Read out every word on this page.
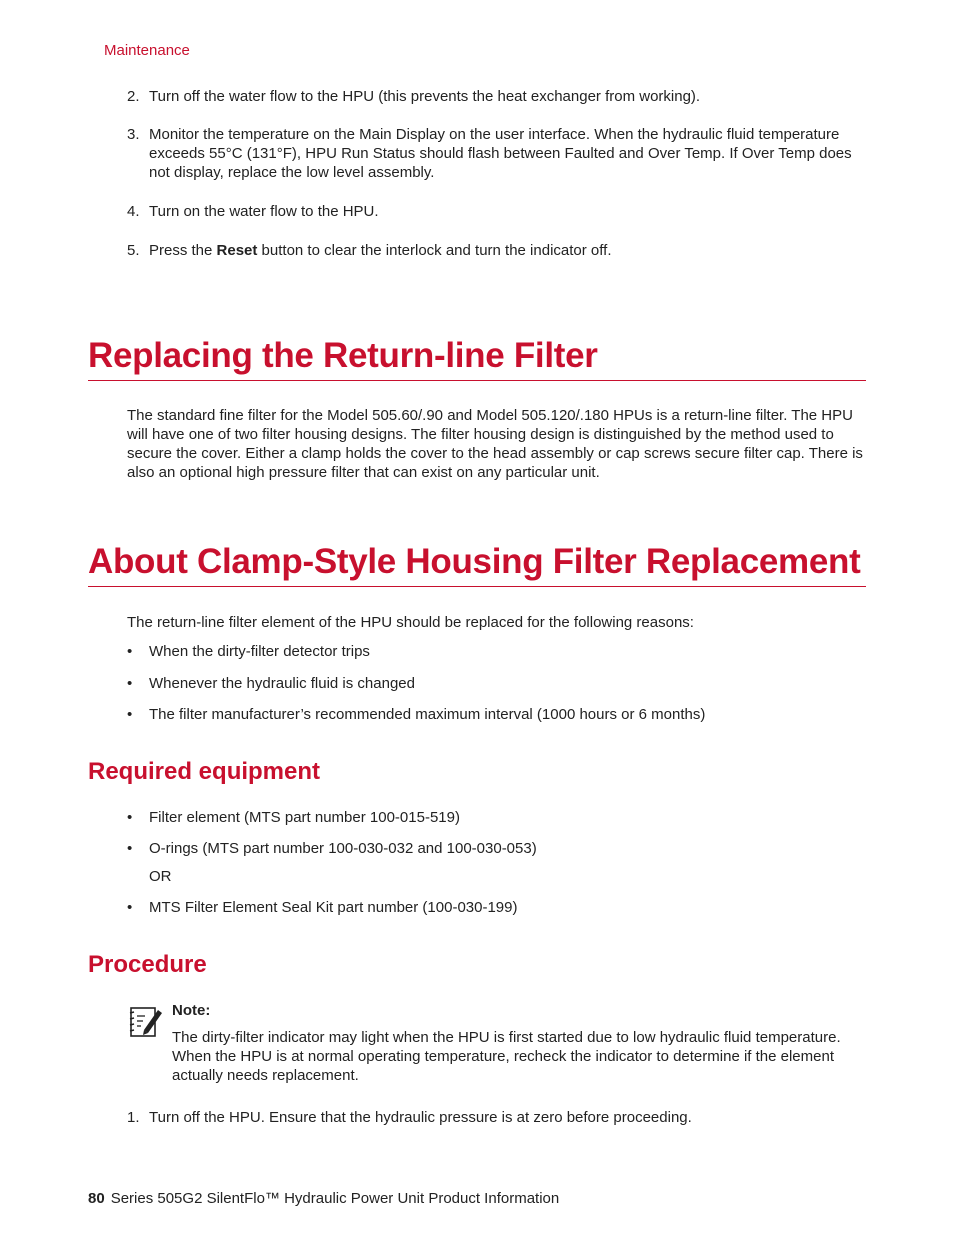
Maintenance
2. Turn off the water flow to the HPU (this prevents the heat exchanger from working).
3. Monitor the temperature on the Main Display on the user interface. When the hydraulic fluid temperature exceeds 55°C (131°F), HPU Run Status should flash between Faulted and Over Temp. If Over Temp does not display, replace the low level assembly.
4. Turn on the water flow to the HPU.
5. Press the Reset button to clear the interlock and turn the indicator off.
Replacing the Return-line Filter
The standard fine filter for the Model 505.60/.90 and Model 505.120/.180 HPUs is a return-line filter. The HPU will have one of two filter housing designs. The filter housing design is distinguished by the method used to secure the cover. Either a clamp holds the cover to the head assembly or cap screws secure filter cap. There is also an optional high pressure filter that can exist on any particular unit.
About Clamp-Style Housing Filter Replacement
The return-line filter element of the HPU should be replaced for the following reasons:
• When the dirty-filter detector trips
• Whenever the hydraulic fluid is changed
• The filter manufacturer’s recommended maximum interval (1000 hours or 6 months)
Required equipment
• Filter element (MTS part number 100-015-519)
• O-rings (MTS part number 100-030-032 and 100-030-053)
OR
• MTS Filter Element Seal Kit part number (100-030-199)
Procedure
Note:
The dirty-filter indicator may light when the HPU is first started due to low hydraulic fluid temperature. When the HPU is at normal operating temperature, recheck the indicator to determine if the element actually needs replacement.
1. Turn off the HPU. Ensure that the hydraulic pressure is at zero before proceeding.
80 Series 505G2 SilentFlo™ Hydraulic Power Unit Product Information
